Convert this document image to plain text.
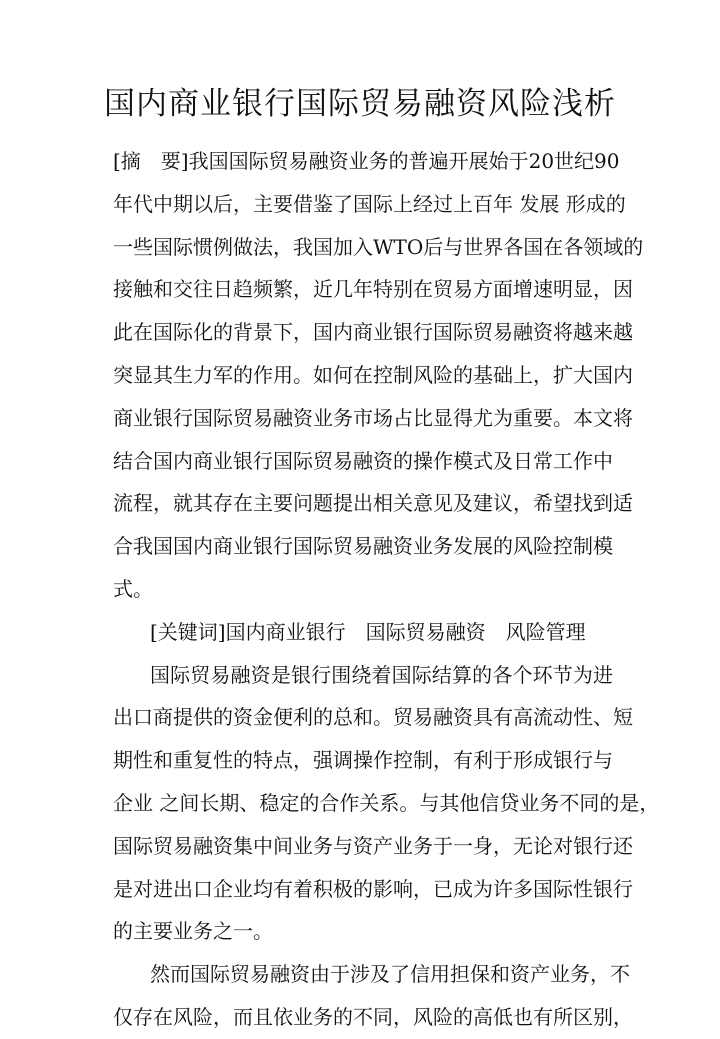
国内商业银行国际贸易融资风险浅析
[摘　要]我国国际贸易融资业务的普遍开展始于20世纪90
年代中期以后，主要借鉴了国际上经过上百年 发展 形成的
一些国际惯例做法，我国加入WTO后与世界各国在各领域的
接触和交往日趋频繁，近几年特别在贸易方面增速明显，因
此在国际化的背景下，国内商业银行国际贸易融资将越来越
突显其生力军的作用。如何在控制风险的基础上，扩大国内
商业银行国际贸易融资业务市场占比显得尤为重要。本文将
结合国内商业银行国际贸易融资的操作模式及日常工作中
流程，就其存在主要问题提出相关意见及建议，希望找到适
合我国国内商业银行国际贸易融资业务发展的风险控制模
式。
[关键词]国内商业银行　国际贸易融资　风险管理
国际贸易融资是银行围绕着国际结算的各个环节为进
出口商提供的资金便利的总和。贸易融资具有高流动性、短
期性和重复性的特点，强调操作控制，有利于形成银行与
企业 之间长期、稳定的合作关系。与其他信贷业务不同的是，
国际贸易融资集中间业务与资产业务于一身，无论对银行还
是对进出口企业均有着积极的影响，已成为许多国际性银行
的主要业务之一。
然而国际贸易融资由于涉及了信用担保和资产业务，不
仅存在风险，而且依业务的不同，风险的高低也有所区别，
